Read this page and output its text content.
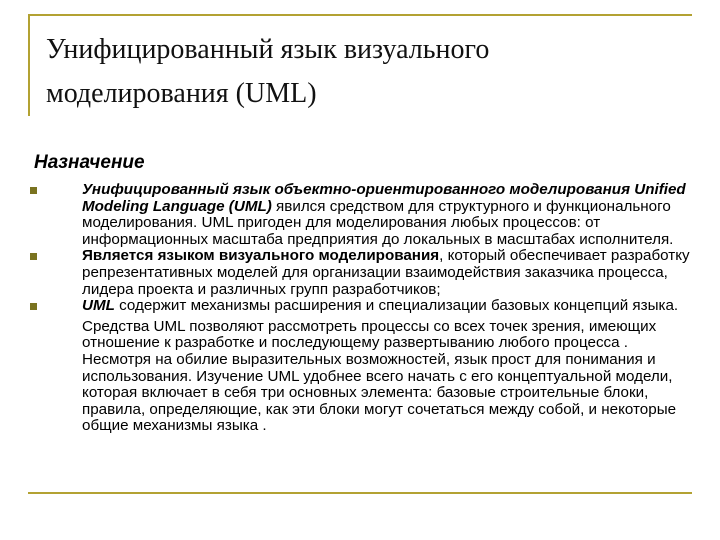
Унифицированный язык визуального
моделирования (UML)
Назначение
Унифицированный язык объектно-ориентированного моделирования Unified Modeling Language (UML) явился средством для структурного и функционального моделирования. UML пригоден для моделирования любых процессов: от информационных масштаба предприятия до локальных в масштабах исполнителя.
Является языком визуального моделирования, который обеспечивает разработку репрезентативных моделей для организации взаимодействия заказчика процесса, лидера проекта и различных групп разработчиков;
UML содержит механизмы расширения и специализации базовых концепций языка.
Средства UML позволяют рассмотреть процессы со всех точек зрения, имеющих отношение к разработке и последующему развертыванию любого процесса . Несмотря на обилие выразительных возможностей, язык прост для понимания и использования. Изучение UML удобнее всего начать с его концептуальной модели, которая включает в себя три основных элемента: базовые строительные блоки, правила, определяющие, как эти блоки могут сочетаться между собой, и некоторые общие механизмы языка .
